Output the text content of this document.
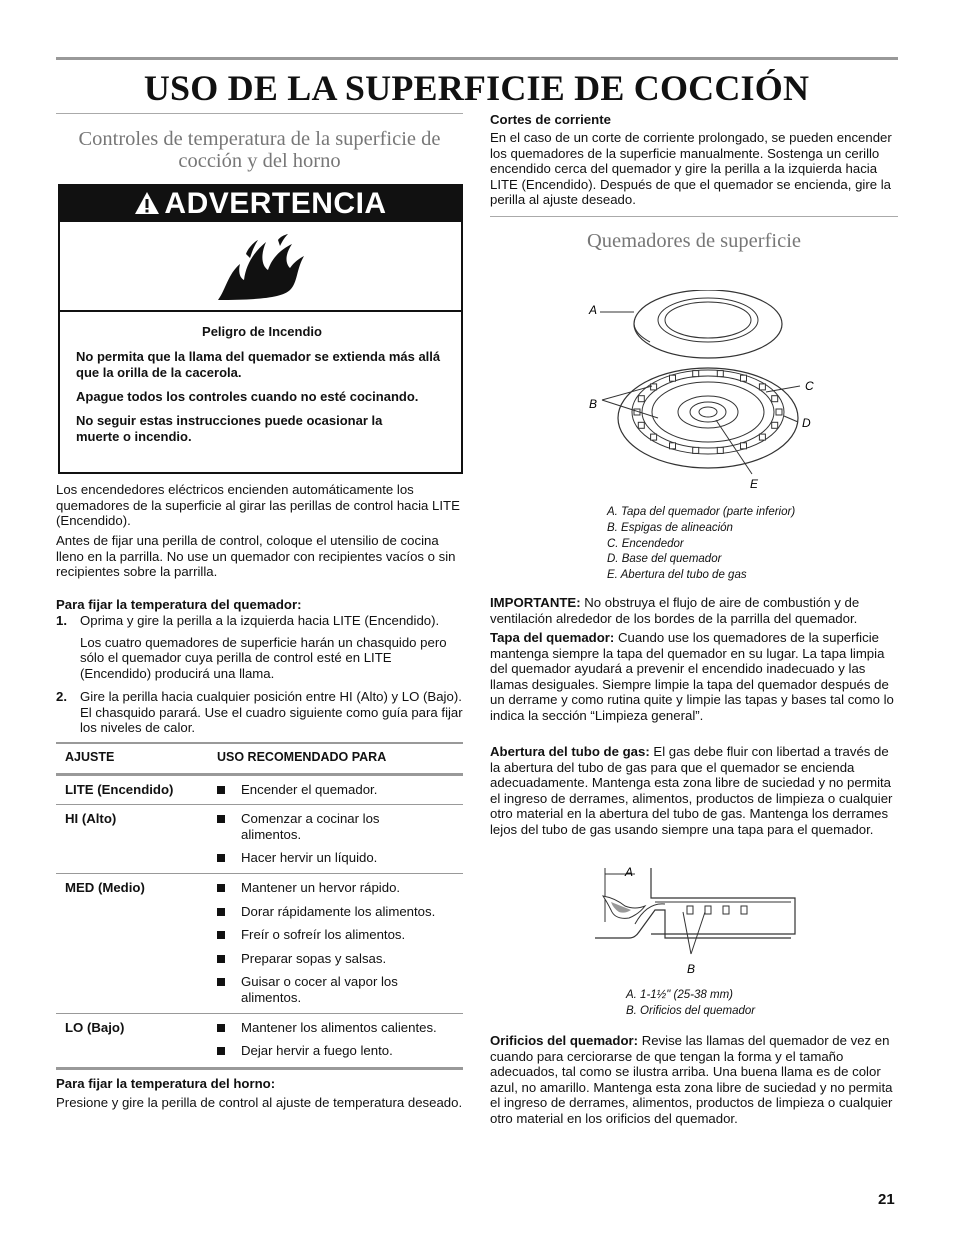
USO DE LA SUPERFICIE DE COCCIÓN
Controles de temperatura de la superficie de cocción y del horno
ADVERTENCIA

Peligro de Incendio

No permita que la llama del quemador se extienda más allá que la orilla de la cacerola.

Apague todos los controles cuando no esté cocinando.

No seguir estas instrucciones puede ocasionar la muerte o incendio.

Los encendedores eléctricos encienden automáticamente los quemadores de la superficie al girar las perillas de control hacia LITE (Encendido).

Antes de fijar una perilla de control, coloque el utensilio de cocina lleno en la parrilla. No use un quemador con recipientes vacíos o sin recipientes sobre la parrilla.

Para fijar la temperatura del quemador:

1. Oprima y gire la perilla a la izquierda hacia LITE (Encendido).

Los cuatro quemadores de superficie harán un chasquido pero sólo el quemador cuya perilla de control esté en LITE (Encendido) producirá una llama.

2. Gire la perilla hacia cualquier posición entre HI (Alto) y LO (Bajo). El chasquido parará. Use el cuadro siguiente como guía para fijar los niveles de calor.

AJUSTE	USO RECOMENDADO PARA
LITE (Encendido)	Encender el quemador.

HI (Alto)	Comenzar a cocinar los alimentos.
Hacer hervir un líquido.

MED (Medio)	Mantener un hervor rápido.
Dorar rápidamente los alimentos.
Freír o sofreír los alimentos.
Preparar sopas y salsas.
Guisar o cocer al vapor los alimentos.

LO (Bajo)	Mantener los alimentos calientes.
Dejar hervir a fuego lento.

Para fijar la temperatura del horno:

Presione y gire la perilla de control al ajuste de temperatura deseado.

Cortes de corriente

En el caso de un corte de corriente prolongado, se pueden encender los quemadores de la superficie manualmente. Sostenga un cerillo encendido cerca del quemador y gire la perilla a la izquierda hacia LITE (Encendido). Después de que el quemador se encienda, gire la perilla al ajuste deseado.

Quemadores de superficie
A
B
C
D
E
A. Tapa del quemador (parte inferior)
B. Espigas de alineación
C. Encendedor
D. Base del quemador
E. Abertura del tubo de gas

IMPORTANTE: No obstruya el flujo de aire de combustión y de ventilación alrededor de los bordes de la parrilla del quemador.

Tapa del quemador: Cuando use los quemadores de la superficie mantenga siempre la tapa del quemador en su lugar. La tapa limpia del quemador ayudará a prevenir el encendido inadecuado y las llamas desiguales. Siempre limpie la tapa del quemador después de un derrame y como rutina quite y limpie las tapas y bases tal como lo indica la sección “Limpieza general”.

Abertura del tubo de gas: El gas debe fluir con libertad a través de la abertura del tubo de gas para que el quemador se encienda adecuadamente. Mantenga esta zona libre de suciedad y no permita el ingreso de derrames, alimentos, productos de limpieza o cualquier otro material en la abertura del tubo de gas. Mantenga los derrames lejos del tubo de gas usando siempre una tapa para el quemador.

A
B
A. 1-1½" (25-38 mm)
B. Orificios del quemador

Orificios del quemador: Revise las llamas del quemador de vez en cuando para cerciorarse de que tengan la forma y el tamaño adecuados, tal como se ilustra arriba. Una buena llama es de color azul, no amarillo. Mantenga esta zona libre de suciedad y no permita el ingreso de derrames, alimentos, productos de limpieza o cualquier otro material en los orificios del quemador.

21
